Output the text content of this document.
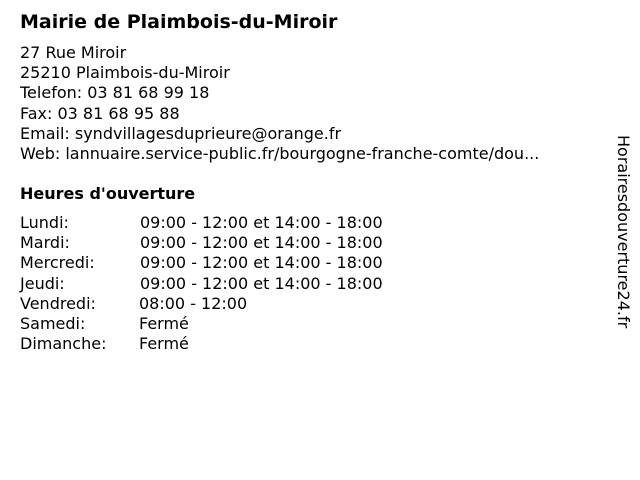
Mairie de Plaimbois-du-Miroir
27 Rue Miroir
25210 Plaimbois-du-Miroir
Telefon: 03 81 68 99 18
Fax: 03 81 68 95 88
Email: syndvillagesduprieure@orange.fr
Web: lannuaire.service-public.fr/bourgogne-franche-comte/dou...
Heures d'ouverture
Lundi:	09:00 - 12:00 et 14:00 - 18:00
Mardi:	09:00 - 12:00 et 14:00 - 18:00
Mercredi:	09:00 - 12:00 et 14:00 - 18:00
Jeudi:	09:00 - 12:00 et 14:00 - 18:00
Vendredi:	08:00 - 12:00
Samedi:	Fermé
Dimanche: Fermé
Horairesdouverture24.fr
